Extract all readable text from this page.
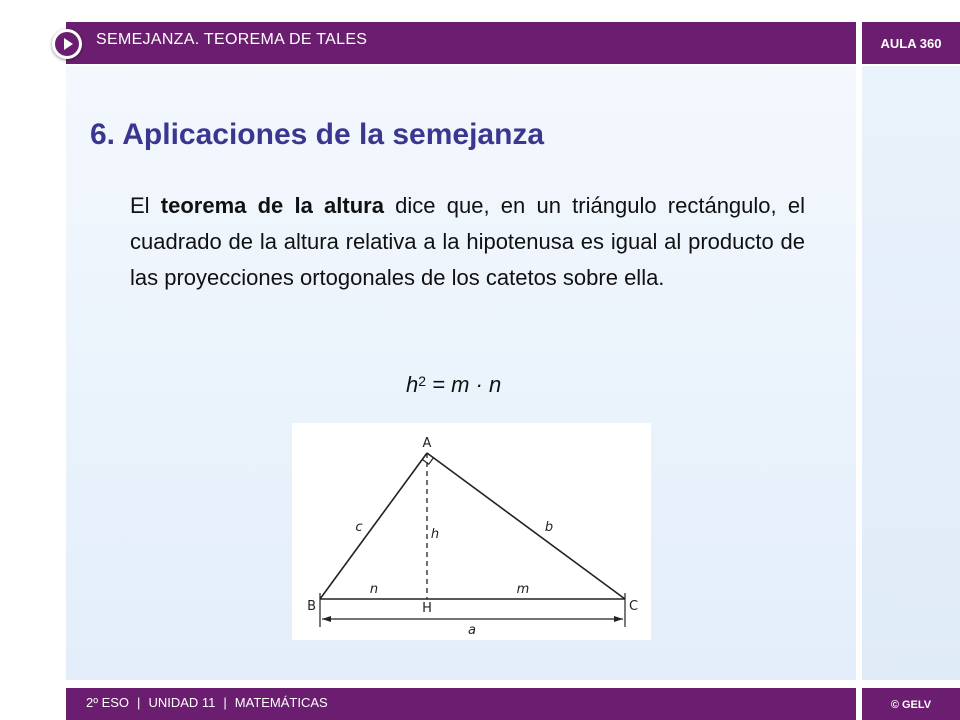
SEMEJANZA. TEOREMA DE TALES	AULA 360
6. Aplicaciones de la semejanza

El teorema de la altura dice que, en un triángulo rectángulo, el cuadrado de la altura relativa a la hipotenusa es igual al producto de las proyecciones ortogonales de los catetos sobre ella.

$h^2 = m \cdot n$
A
B	C
H
c	b
h
n	m
a
2º ESO | UNIDAD 11 | MATEMÁTICAS	© GELV
